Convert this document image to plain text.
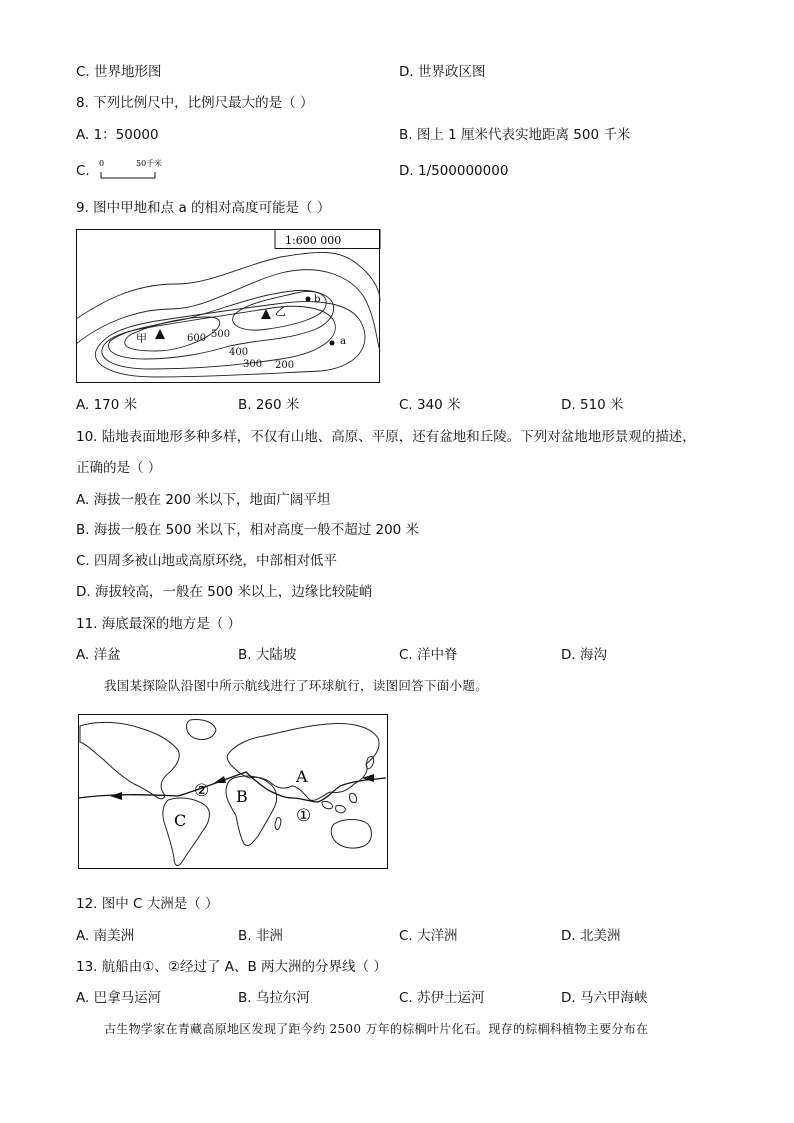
C. 世界地形图	D. 世界政区图
8. 下列比例尺中，比例尺最大的是（ ）
A. 1：50000	B. 图上 1 厘米代表实地距离 500 千米
C. 0	50千米	D. 1/500000000
9. 图中甲地和点 a 的相对高度可能是（ ）
1:600 000
甲
乙
b
a
600 500
400
300 200
A. 170 米	B. 260 米	C. 340 米	D. 510 米
10. 陆地表面地形多种多样，不仅有山地、高原、平原，还有盆地和丘陵。下列对盆地地形景观的描述，
正确的是（ ）
A. 海拔一般在 200 米以下，地面广阔平坦
B. 海拔一般在 500 米以下，相对高度一般不超过 200 米
C. 四周多被山地或高原环绕，中部相对低平
D. 海拔较高，一般在 500 米以上，边缘比较陡峭
11. 海底最深的地方是（ ）
A. 洋盆	B. 大陆坡	C. 洋中脊	D. 海沟
我国某探险队沿图中所示航线进行了环球航行，读图回答下面小题。
A
B
C
②
①
12. 图中 C 大洲是（ ）
A. 南美洲	B. 非洲	C. 大洋洲	D. 北美洲
13. 航船由①、②经过了 A、B 两大洲的分界线（ ）
A. 巴拿马运河	B. 乌拉尔河	C. 苏伊士运河	D. 马六甲海峡
古生物学家在青藏高原地区发现了距今约 2500 万年的棕榈叶片化石。现存的棕榈科植物主要分布在
